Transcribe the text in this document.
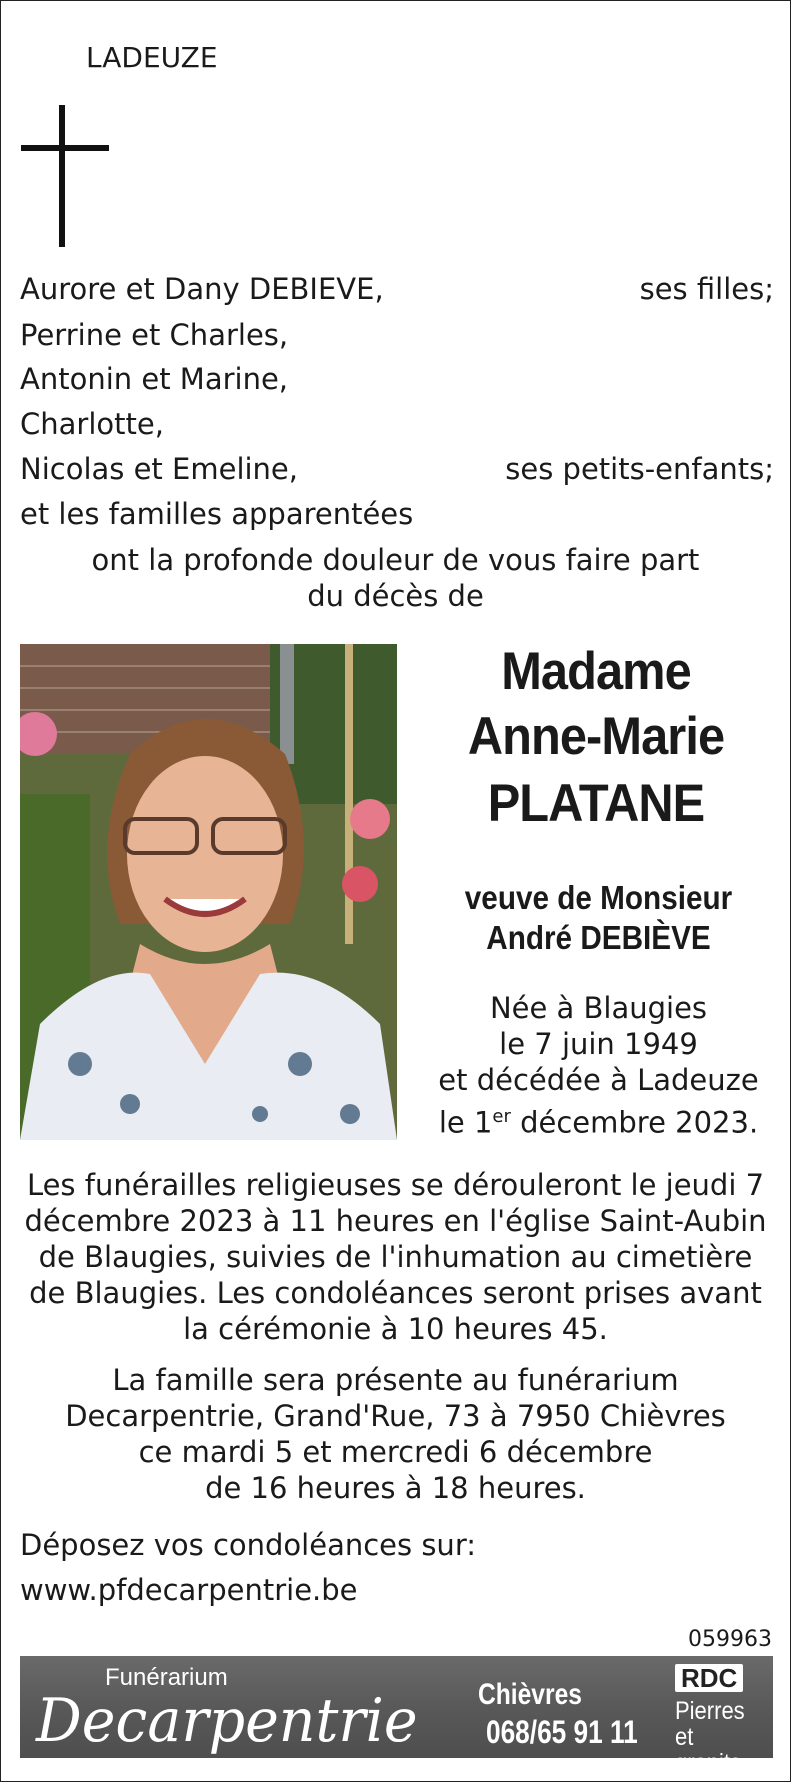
LADEUZE
Aurore et Dany DEBIEVE,	ses filles;
Perrine et Charles,
Antonin et Marine,
Charlotte,
Nicolas et Emeline,	ses petits-enfants;
et les familles apparentées
ont la profonde douleur de vous faire part
du décès de
Madame
Anne-Marie
PLATANE
veuve de Monsieur
André DEBIÈVE
Née à Blaugies
le 7 juin 1949
et décédée à Ladeuze
le 1er décembre 2023.
Les funérailles religieuses se dérouleront le jeudi 7
décembre 2023 à 11 heures en l'église Saint-Aubin
de Blaugies, suivies de l'inhumation au cimetière
de Blaugies. Les condoléances seront prises avant
la cérémonie à 10 heures 45.
La famille sera présente au funérarium
Decarpentrie, Grand'Rue, 73 à 7950 Chièvres
ce mardi 5 et mercredi 6 décembre
de 16 heures à 18 heures.
Déposez vos condoléances sur:
www.pfdecarpentrie.be
059963
Funérarium
Decarpentrie Chièvres
068/65 91 11
RDC
Pierres
et granits
